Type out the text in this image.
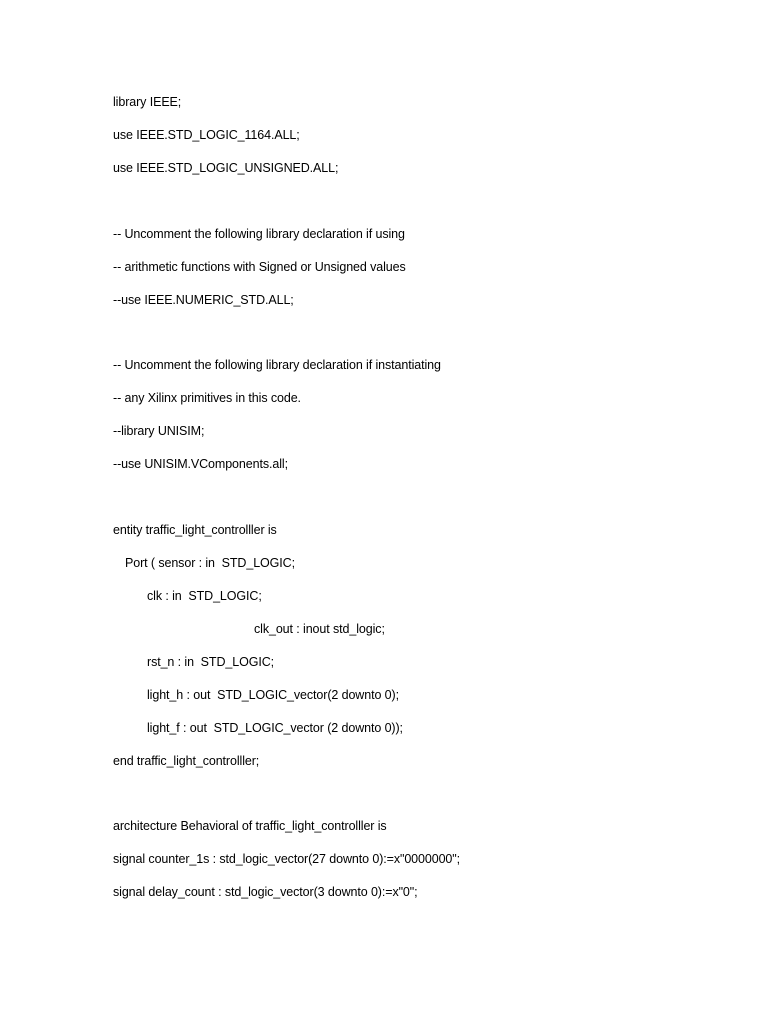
library IEEE;
use IEEE.STD_LOGIC_1164.ALL;
use IEEE.STD_LOGIC_UNSIGNED.ALL;
-- Uncomment the following library declaration if using
-- arithmetic functions with Signed or Unsigned values
--use IEEE.NUMERIC_STD.ALL;
-- Uncomment the following library declaration if instantiating
-- any Xilinx primitives in this code.
--library UNISIM;
--use UNISIM.VComponents.all;
entity traffic_light_controlller is
Port ( sensor : in  STD_LOGIC;
clk : in  STD_LOGIC;
clk_out : inout std_logic;
rst_n : in  STD_LOGIC;
light_h : out  STD_LOGIC_vector(2 downto 0);
light_f : out  STD_LOGIC_vector (2 downto 0));
end traffic_light_controlller;
architecture Behavioral of traffic_light_controlller is
signal counter_1s : std_logic_vector(27 downto 0):=x"0000000";
signal delay_count : std_logic_vector(3 downto 0):=x"0";
